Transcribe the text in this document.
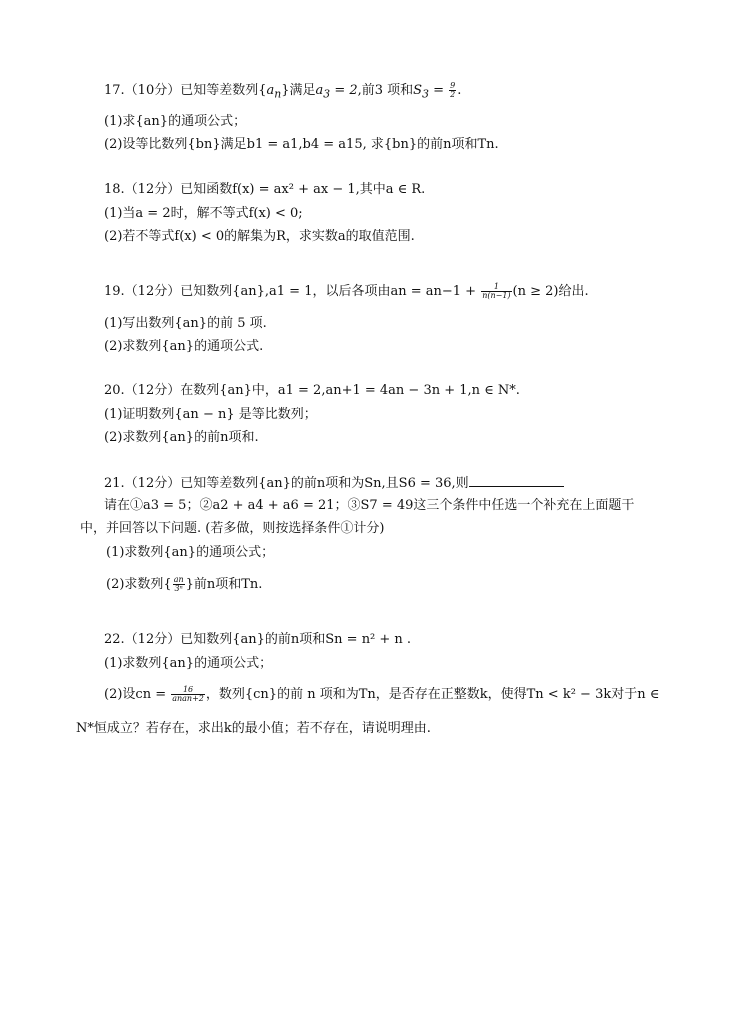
17.（10分）已知等差数列$\{a_n\}$满足$a_3 = 2$,前3 项和$S_3 = \frac{9}{2}$ .
(1)求{an}的通项公式；
(2)设等比数列{bn}满足b1 = a1,b4 = a15, 求{bn}的前n项和Tn.
18.（12分）已知函数f(x) = ax² + ax − 1,其中a ∈ R.
(1)当a = 2时，解不等式f(x) < 0;
(2)若不等式f(x) < 0的解集为R，求实数a的取值范围.
19.（12分）已知数列{an},a1 = 1，以后各项由an = $an-1 + \frac{1}{n(n-1)} (n \ge 2)$给出.
(1)写出数列{an}的前 5 项.
(2)求数列{an}的通项公式.
20.（12分）在数列{an}中，a1 = 2,an+1 = 4an − 3n + 1,n ∈ N*.
(1)证明数列{an − n} 是等比数列；
(2)求数列{an}的前n项和.
21.（12分）已知等差数列{an}的前n项和为Sn,且S6 = 36,则
请在①a3 = 5；②a2 + a4 + a6 = 21；③S7 = 49这三个条件中任选一个补充在上面题干
中，并回答以下问题. (若多做，则按选择条件①计分)
(1)求数列{an}的通项公式；
(2)求数列{ $\frac{an}{\text{3ⁿ}}$ }前n项和Tn.
22.（12分）已知数列{an}的前n项和Sn = n² + n .
(1)求数列{an}的通项公式；
(2)设cn = $\frac{16}{\text{anan+2}}$ ，数列{cn}的前 n 项和为Tn，是否存在正整数k，使得Tn < k² − 3k对于n ∈
N*恒成立？若存在，求出k的最小值；若不存在，请说明理由.
